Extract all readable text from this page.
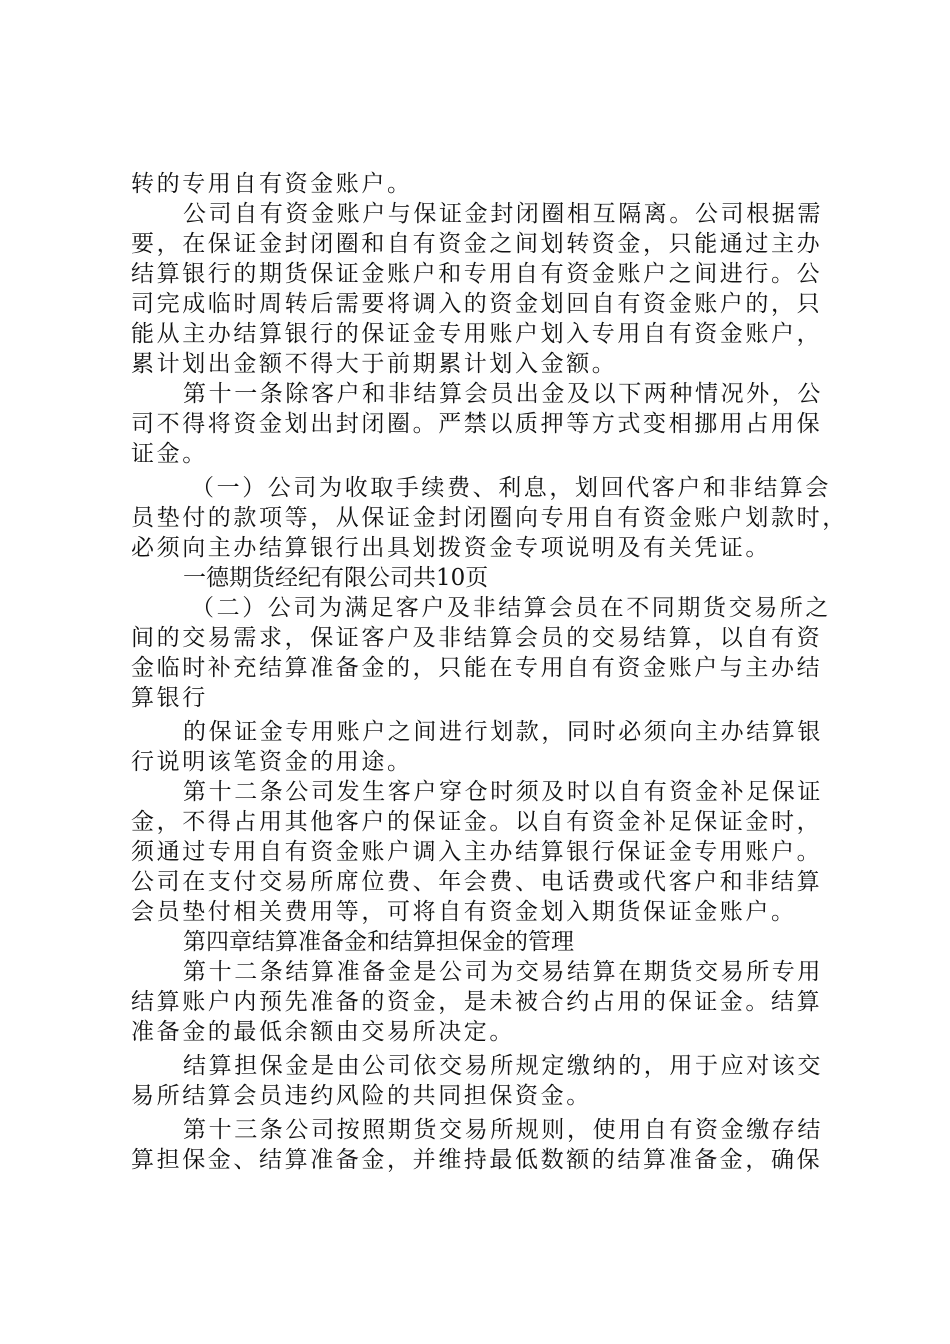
转的专用自有资金账户。
公司自有资金账户与保证金封闭圈相互隔离。公司根据需
要，在保证金封闭圈和自有资金之间划转资金，只能通过主办
结算银行的期货保证金账户和专用自有资金账户之间进行。公
司完成临时周转后需要将调入的资金划回自有资金账户的，只
能从主办结算银行的保证金专用账户划入专用自有资金账户，
累计划出金额不得大于前期累计划入金额。
第十一条除客户和非结算会员出金及以下两种情况外，公
司不得将资金划出封闭圈。严禁以质押等方式变相挪用占用保
证金。
（一）公司为收取手续费、利息，划回代客户和非结算会
员垫付的款项等，从保证金封闭圈向专用自有资金账户划款时，
必须向主办结算银行出具划拨资金专项说明及有关凭证。
一德期货经纪有限公司共10页
（二）公司为满足客户及非结算会员在不同期货交易所之
间的交易需求，保证客户及非结算会员的交易结算，以自有资
金临时补充结算准备金的，只能在专用自有资金账户与主办结
算银行
的保证金专用账户之间进行划款，同时必须向主办结算银
行说明该笔资金的用途。
第十二条公司发生客户穿仓时须及时以自有资金补足保证
金，不得占用其他客户的保证金。以自有资金补足保证金时，
须通过专用自有资金账户调入主办结算银行保证金专用账户。
公司在支付交易所席位费、年会费、电话费或代客户和非结算
会员垫付相关费用等，可将自有资金划入期货保证金账户。
第四章结算准备金和结算担保金的管理
第十二条结算准备金是公司为交易结算在期货交易所专用
结算账户内预先准备的资金，是未被合约占用的保证金。结算
准备金的最低余额由交易所决定。
结算担保金是由公司依交易所规定缴纳的，用于应对该交
易所结算会员违约风险的共同担保资金。
第十三条公司按照期货交易所规则，使用自有资金缴存结
算担保金、结算准备金，并维持最低数额的结算准备金，确保
